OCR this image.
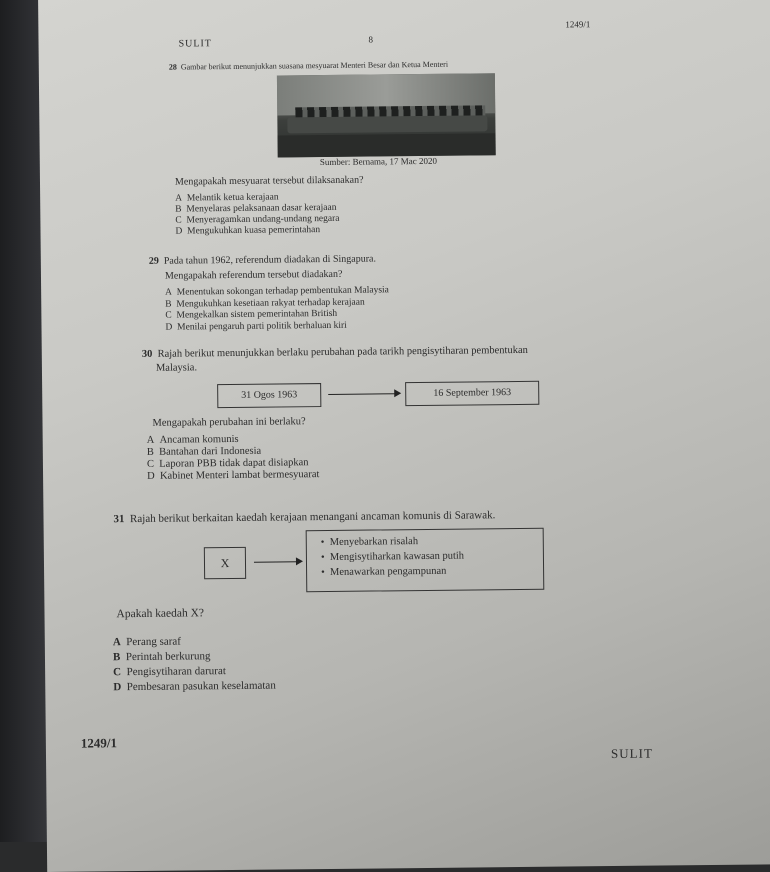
SULIT	8
1249/1
28 Gambar berikut menunjukkan suasana mesyuarat Menteri Besar dan Ketua Menteri
Sumber: Bernama, 17 Mac 2020
Mengapakah mesyuarat tersebut dilaksanakan?
A Melantik ketua kerajaan
B Menyelaras pelaksanaan dasar kerajaan
C Menyeragamkan undang-undang negara
D Mengukuhkan kuasa pemerintahan
29 Pada tahun 1962, referendum diadakan di Singapura.
Mengapakah referendum tersebut diadakan?
A Menentukan sokongan terhadap pembentukan Malaysia
B Mengukuhkan kesetiaan rakyat terhadap kerajaan
C Mengekalkan sistem pemerintahan British
D Menilai pengaruh parti politik berhaluan kiri
30 Rajah berikut menunjukkan berlaku perubahan pada tarikh pengisytiharan pembentukan
Malaysia.
31 Ogos 1963	16 September 1963
Mengapakah perubahan ini berlaku?
A Ancaman komunis
B Bantahan dari Indonesia
C Laporan PBB tidak dapat disiapkan
D Kabinet Menteri lambat bermesyuarat
31 Rajah berikut berkaitan kaedah kerajaan menangani ancaman komunis di Sarawak.
X
•  Menyebarkan risalah
•  Mengisytiharkan kawasan putih
•  Menawarkan pengampunan
Apakah kaedah X?
A Perang saraf
B Perintah berkurung
C Pengisytiharan darurat
D Pembesaran pasukan keselamatan
1249/1
SULIT
